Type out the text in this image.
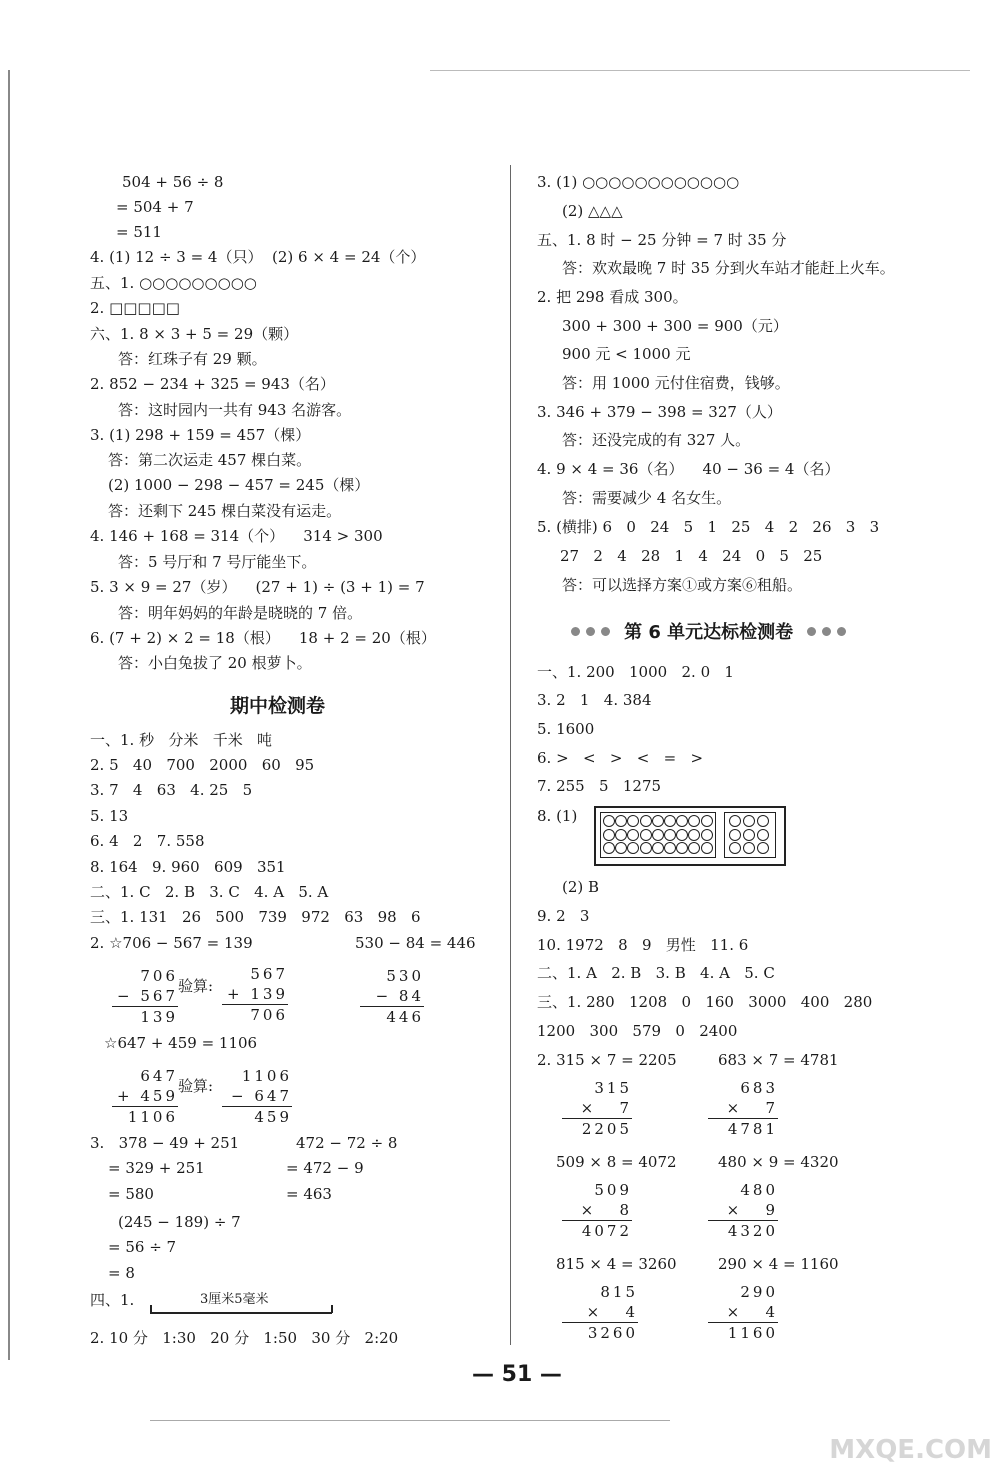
504 + 56 ÷ 8
= 504 + 7
= 511
4. (1) 12 ÷ 3 = 4（只）  (2) 6 × 4 = 24（个）
五、1. ○○○○○○○○○
2. □□□□□
六、1. 8 × 3 + 5 = 29（颗）
答：红珠子有 29 颗。
2. 852 − 234 + 325 = 943（名）
答：这时园内一共有 943 名游客。
3. (1) 298 + 159 = 457（棵）
答：第二次运走 457 棵白菜。
(2) 1000 − 298 − 457 = 245（棵）
答：还剩下 245 棵白菜没有运走。
4. 146 + 168 = 314（个）    314 > 300
答：5 号厅和 7 号厅能坐下。
5. 3 × 9 = 27（岁）    (27 + 1) ÷ (3 + 1) = 7
答：明年妈妈的年龄是晓晓的 7 倍。
6. (7 + 2) × 2 = 18（根）    18 + 2 = 20（根）
答：小白兔拔了 20 根萝卜。
期中检测卷
一、1. 秒   分米   千米   吨
2. 5   40   700   2000   60   95
3. 7   4   63   4. 25   5
5. 13
6. 4   2   7. 558
8. 164   9. 960   609   351
二、1. C   2. B   3. C   4. A   5. A
三、1. 131   26   500   739   972   63   98   6
2. ☆706 − 567 = 139	530 − 84 = 446
706
− 567
139
验算:
567
+ 139
706
530
− 84
446
☆647 + 459 = 1106
647
+ 459
1106
验算:
1106
− 647
459
3.   378 − 49 + 251	472 − 72 ÷ 8
= 329 + 251	= 472 − 9
= 580	= 463
(245 − 189) ÷ 7
= 56 ÷ 7
= 8
四、1.	3厘米5毫米
2. 10 分   1:30   20 分   1:50   30 分   2:20
3. (1) ○○○○○○○○○○○○
(2) △△△
五、1. 8 时 − 25 分钟 = 7 时 35 分
答：欢欢最晚 7 时 35 分到火车站才能赶上火车。
2. 把 298 看成 300。
300 + 300 + 300 = 900（元）
900 元 < 1000 元
答：用 1000 元付住宿费，钱够。
3. 346 + 379 − 398 = 327（人）
答：还没完成的有 327 人。
4. 9 × 4 = 36（名）    40 − 36 = 4（名）
答：需要减少 4 名女生。
5. (横排) 6   0   24   5   1   25   4   2   26   3   3
27   2   4   28   1   4   24   0   5   25
答：可以选择方案①或方案⑥租船。
第 6 单元达标检测卷
一、1. 200   1000   2. 0   1
3. 2   1   4. 384
5. 1600
6. >   <   >   <   =   >
7. 255   5   1275
8. (1)
(2) B
9. 2   3
10. 1972   8   9   男性   11. 6
二、1. A   2. B   3. B   4. A   5. C
三、1. 280   1208   0   160   3000   400   280
1200   300   579   0   2400
2. 315 × 7 = 2205	683 × 7 = 4781
315
×   7
2205
683
×   7
4781
509 × 8 = 4072	480 × 9 = 4320
509
×   8
4072
480
×   9
4320
815 × 4 = 3260	290 × 4 = 1160
815
×   4
3260
290
×   4
1160
— 51 —
MXQE.COM
